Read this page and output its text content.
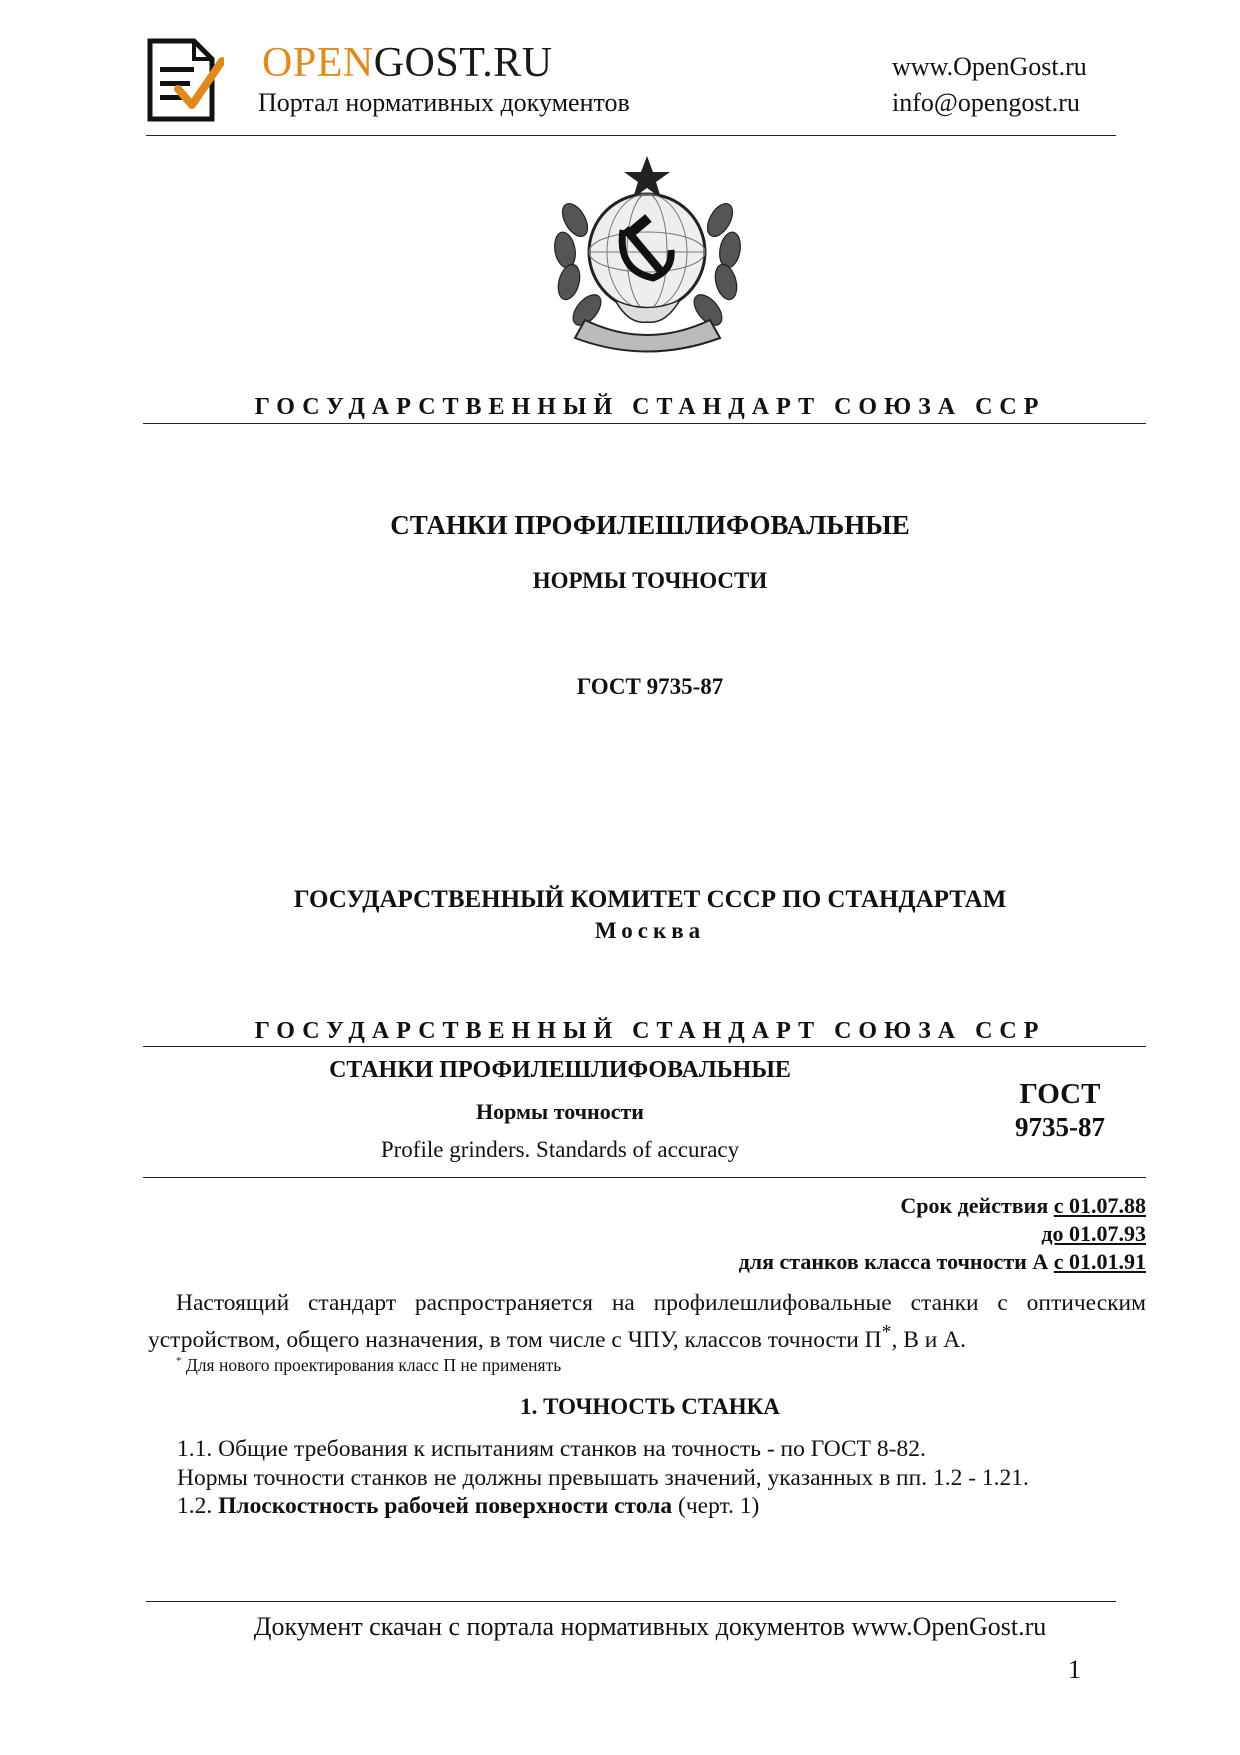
OPENGOST.RU
Портал нормативных документов
www.OpenGost.ru
info@opengost.ru
ГОСУДАРСТВЕННЫЙ СТАНДАРТ СОЮЗА ССР
СТАНКИ ПРОФИЛЕШЛИФОВАЛЬНЫЕ
НОРМЫ ТОЧНОСТИ
ГОСТ 9735-87
ГОСУДАРСТВЕННЫЙ КОМИТЕТ СССР ПО СТАНДАРТАМ
Москва
ГОСУДАРСТВЕННЫЙ СТАНДАРТ СОЮЗА ССР
СТАНКИ ПРОФИЛЕШЛИФОВАЛЬНЫЕ
Нормы точности
Profile grinders. Standards of accuracy
ГОСТ
9735-87
Срок действия с 01.07.88
до 01.07.93
для станков класса точности А с 01.01.91
Настоящий стандарт распространяется на профилешлифовальные станки с оптическим устройством, общего назначения, в том числе с ЧПУ, классов точности П*, В и А.
* Для нового проектирования класс П не применять
1. ТОЧНОСТЬ СТАНКА
1.1. Общие требования к испытаниям станков на точность - по ГОСТ 8-82.
Нормы точности станков не должны превышать значений, указанных в пп. 1.2 - 1.21.
1.2. Плоскостность рабочей поверхности стола (черт. 1)
Документ скачан с портала нормативных документов www.OpenGost.ru
1
